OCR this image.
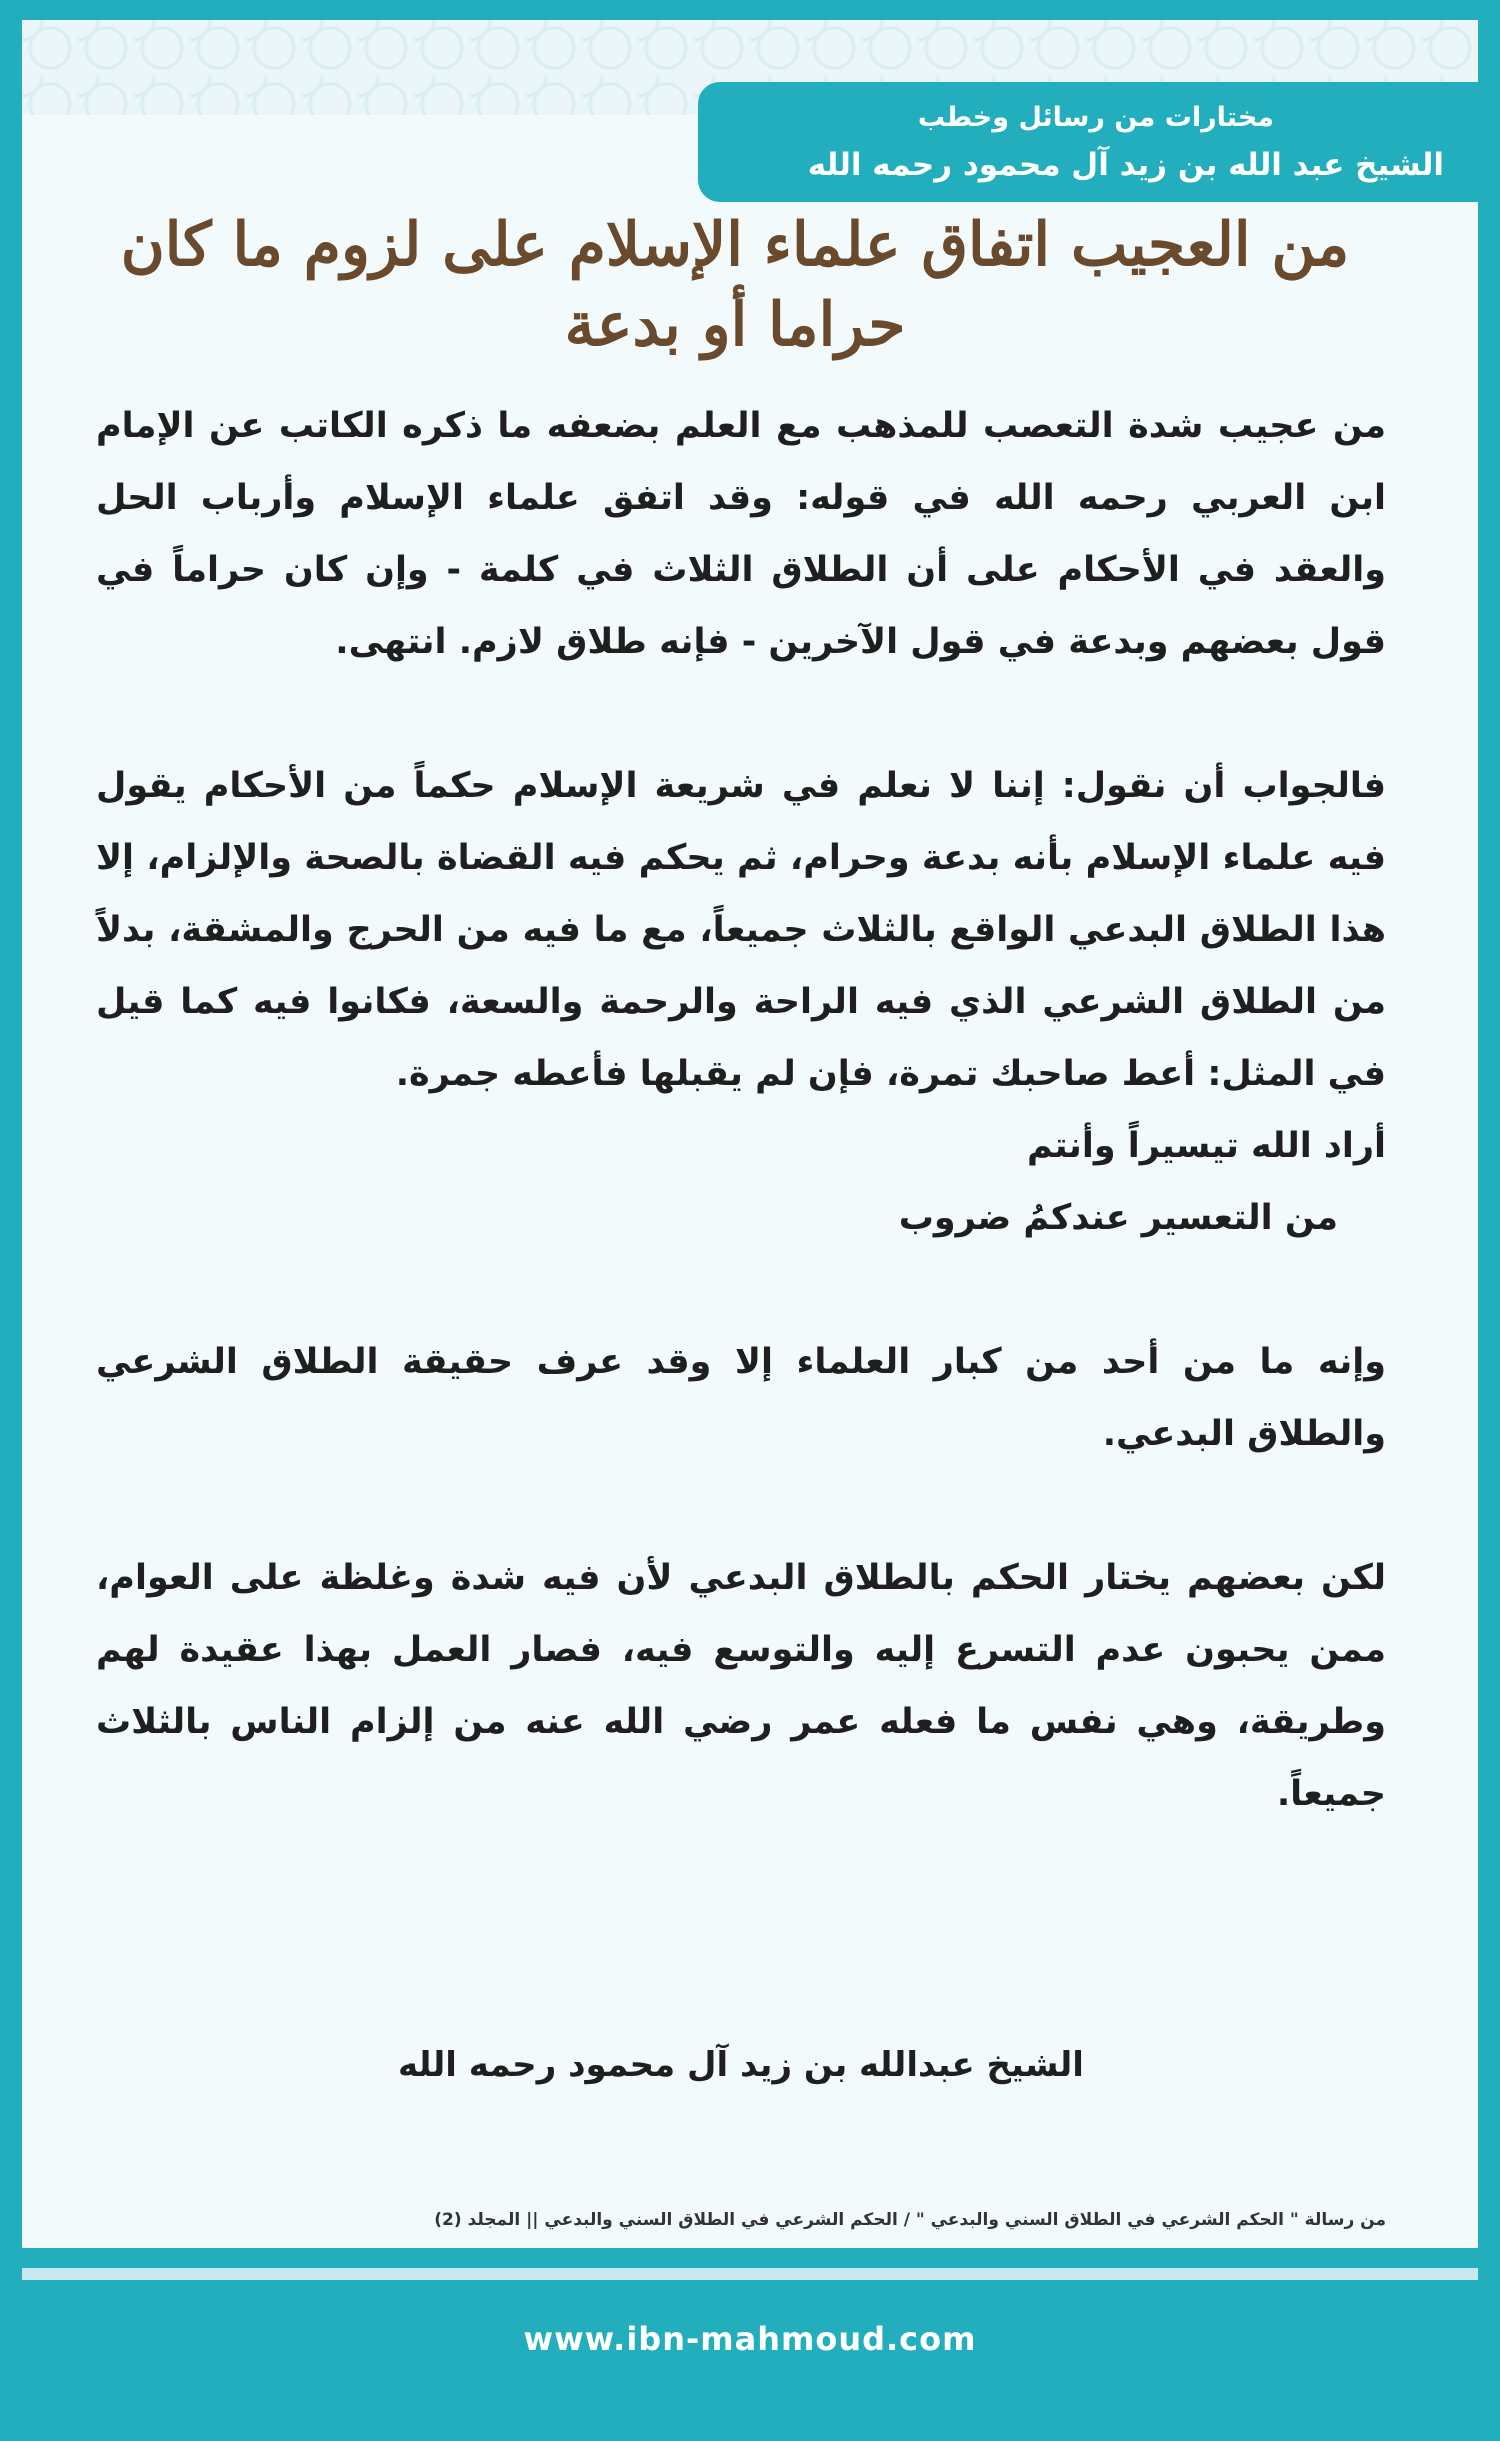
مختارات من رسائل وخطب
الشيخ عبد الله بن زيد آل محمود رحمه الله
من العجيب اتفاق علماء الإسلام على لزوم ما كان حراما أو بدعة

من عجيب شدة التعصب للمذهب مع العلم بضعفه ما ذكره الكاتب عن الإمام ابن العربي رحمه الله في قوله: وقد اتفق علماء الإسلام وأرباب الحل والعقد في الأحكام على أن الطلاق الثلاث في كلمة - وإن كان حراماً في قول بعضهم وبدعة في قول الآخرين - فإنه طلاق لازم. انتهى.

فالجواب أن نقول: إننا لا نعلم في شريعة الإسلام حكماً من الأحكام يقول فيه علماء الإسلام بأنه بدعة وحرام، ثم يحكم فيه القضاة بالصحة والإلزام، إلا هذا الطلاق البدعي الواقع بالثلاث جميعاً، مع ما فيه من الحرج والمشقة، بدلاً من الطلاق الشرعي الذي فيه الراحة والرحمة والسعة، فكانوا فيه كما قيل في المثل: أعط صاحبك تمرة، فإن لم يقبلها فأعطه جمرة.

أراد الله تيسيراً وأنتم

من التعسير عندكمُ ضروب

وإنه ما من أحد من كبار العلماء إلا وقد عرف حقيقة الطلاق الشرعي والطلاق البدعي.

لكن بعضهم يختار الحكم بالطلاق البدعي لأن فيه شدة وغلظة على العوام، ممن يحبون عدم التسرع إليه والتوسع فيه، فصار العمل بهذا عقيدة لهم وطريقة، وهي نفس ما فعله عمر رضي الله عنه من إلزام الناس بالثلاث جميعاً.

الشيخ عبدالله بن زيد آل محمود رحمه الله
من رسالة " الحكم الشرعي في الطلاق السني والبدعي " / الحكم الشرعي في الطلاق السني والبدعي || المجلد (2)
www.ibn-mahmoud.com
